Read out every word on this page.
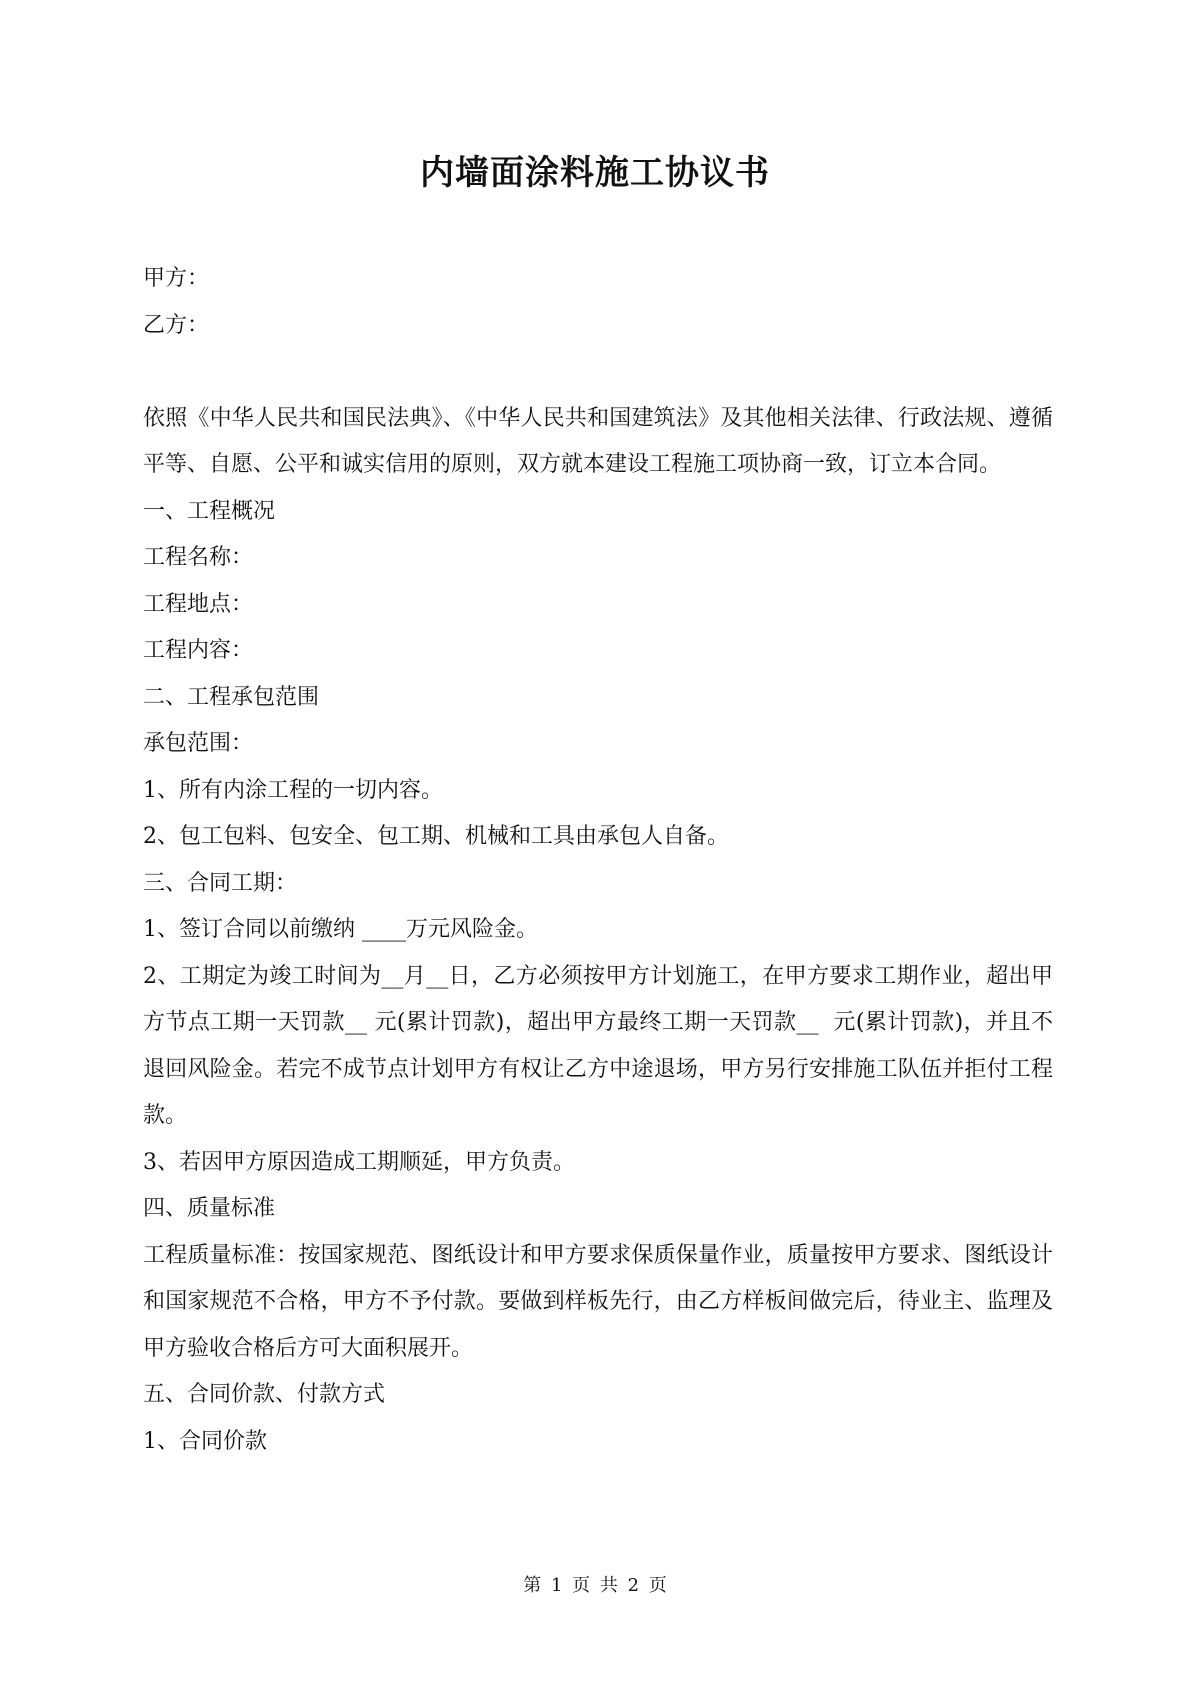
内墙面涂料施工协议书
甲方：
乙方：
依照《中华人民共和国民法典》、《中华人民共和国建筑法》及其他相关法律、行政法规、遵循平等、自愿、公平和诚实信用的原则，双方就本建设工程施工项协商一致，订立本合同。
一、工程概况
工程名称：
工程地点：
工程内容：
二、工程承包范围
承包范围：
1、所有内涂工程的一切内容。
2、包工包料、包安全、包工期、机械和工具由承包人自备。
三、合同工期：
1、签订合同以前缴纳 ____万元风险金。
2、工期定为竣工时间为__月__日，乙方必须按甲方计划施工，在甲方要求工期作业，超出甲方节点工期一天罚款__ 元(累计罚款)，超出甲方最终工期一天罚款__  元(累计罚款)，并且不退回风险金。若完不成节点计划甲方有权让乙方中途退场，甲方另行安排施工队伍并拒付工程款。
3、若因甲方原因造成工期顺延，甲方负责。
四、质量标准
工程质量标准：按国家规范、图纸设计和甲方要求保质保量作业，质量按甲方要求、图纸设计和国家规范不合格，甲方不予付款。要做到样板先行，由乙方样板间做完后，待业主、监理及甲方验收合格后方可大面积展开。
五、合同价款、付款方式
1、合同价款
第 1 页 共 2 页
